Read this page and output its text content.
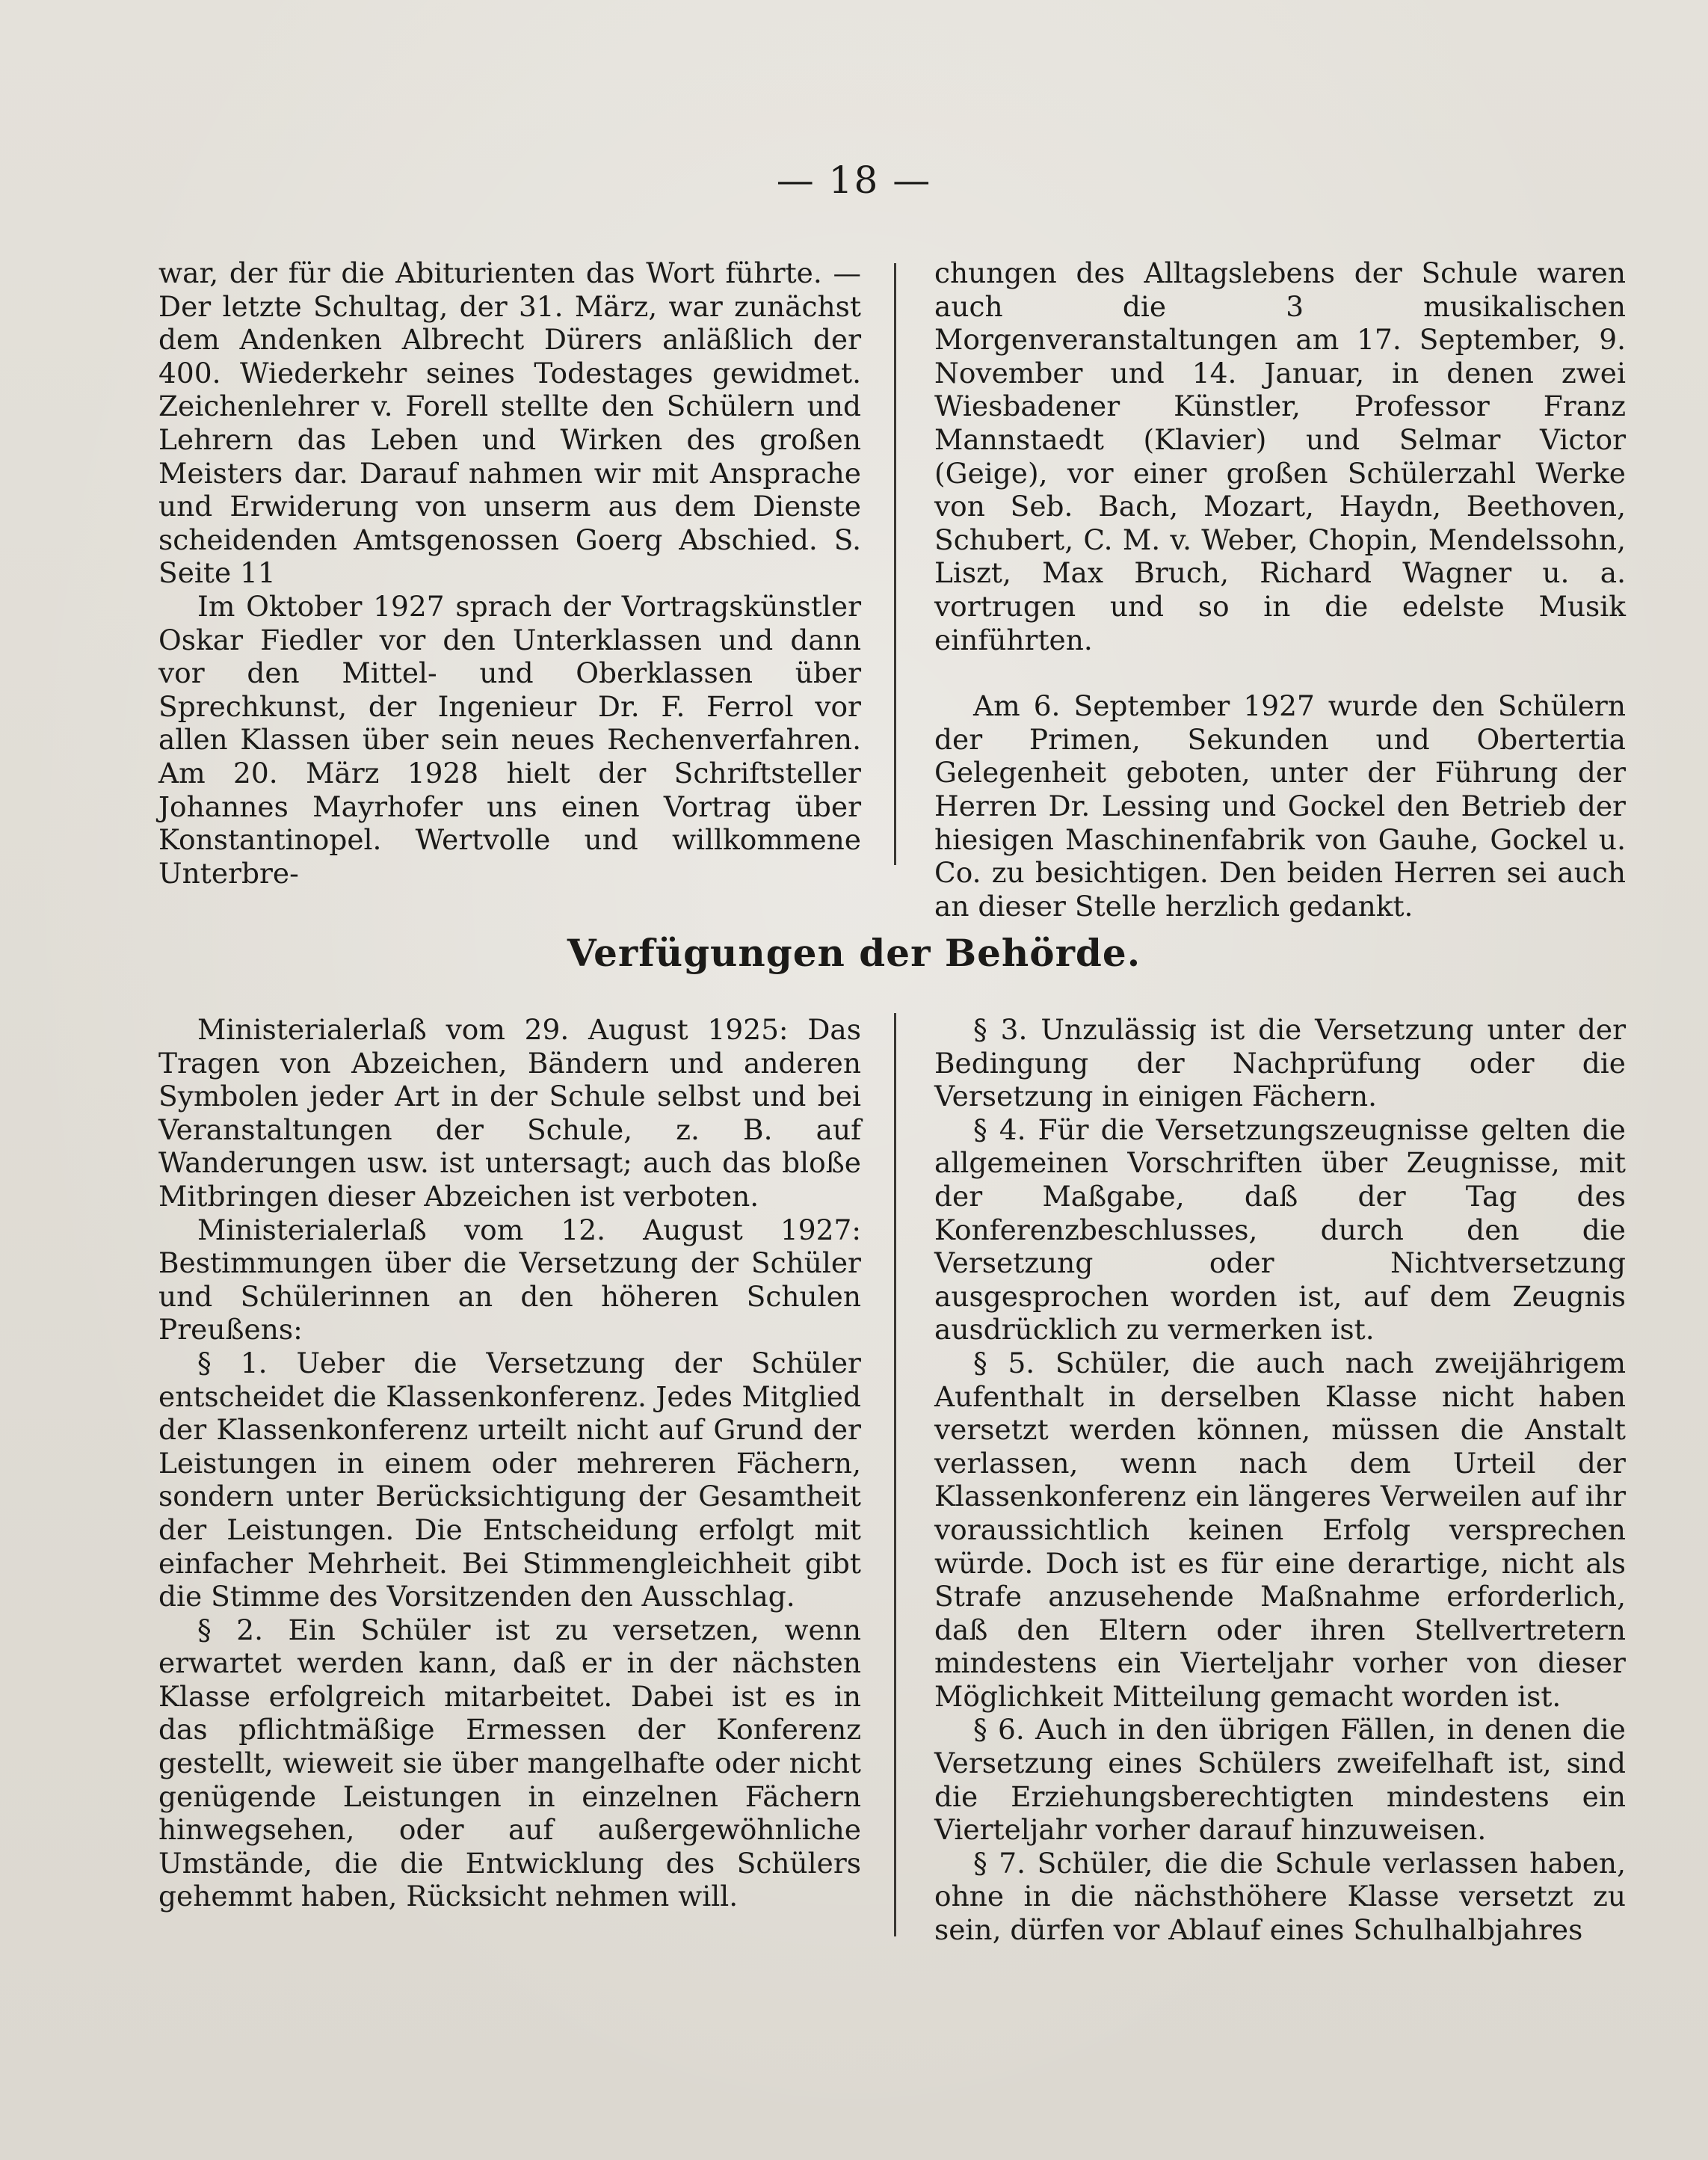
— 18 —

war, der für die Abiturienten das Wort führte. — Der letzte Schultag, der 31. März, war zunächst dem Andenken Albrecht Dürers anläßlich der 400. Wiederkehr seines Todestages gewidmet. Zeichenlehrer v. Forell stellte den Schülern und Lehrern das Leben und Wirken des großen Meisters dar. Darauf nahmen wir mit Ansprache und Erwiderung von unserm aus dem Dienste scheidenden Amtsgenossen Goerg Abschied. S. Seite 11

Im Oktober 1927 sprach der Vortragskünstler Oskar Fiedler vor den Unterklassen und dann vor den Mittel- und Oberklassen über Sprechkunst, der Ingenieur Dr. F. Ferrol vor allen Klassen über sein neues Rechenverfahren. Am 20. März 1928 hielt der Schriftsteller Johannes Mayrhofer uns einen Vortrag über Konstantinopel. Wertvolle und willkommene Unterbre-

chungen des Alltagslebens der Schule waren auch die 3 musikalischen Morgenveranstaltungen am 17. September, 9. November und 14. Januar, in denen zwei Wiesbadener Künstler, Professor Franz Mannstaedt (Klavier) und Selmar Victor (Geige), vor einer großen Schülerzahl Werke von Seb. Bach, Mozart, Haydn, Beethoven, Schubert, C. M. v. Weber, Chopin, Mendelssohn, Liszt, Max Bruch, Richard Wagner u. a. vortrugen und so in die edelste Musik einführten.

Am 6. September 1927 wurde den Schülern der Primen, Sekunden und Obertertia Gelegenheit geboten, unter der Führung der Herren Dr. Lessing und Gockel den Betrieb der hiesigen Maschinenfabrik von Gauhe, Gockel u. Co. zu besichtigen. Den beiden Herren sei auch an dieser Stelle herzlich gedankt.

Verfügungen der Behörde.

Ministerialerlaß vom 29. August 1925: Das Tragen von Abzeichen, Bändern und anderen Symbolen jeder Art in der Schule selbst und bei Veranstaltungen der Schule, z. B. auf Wanderungen usw. ist untersagt; auch das bloße Mitbringen dieser Abzeichen ist verboten.

Ministerialerlaß vom 12. August 1927: Bestimmungen über die Versetzung der Schüler und Schülerinnen an den höheren Schulen Preußens:

§ 1. Ueber die Versetzung der Schüler entscheidet die Klassenkonferenz. Jedes Mitglied der Klassenkonferenz urteilt nicht auf Grund der Leistungen in einem oder mehreren Fächern, sondern unter Berücksichtigung der Gesamtheit der Leistungen. Die Entscheidung erfolgt mit einfacher Mehrheit. Bei Stimmengleichheit gibt die Stimme des Vorsitzenden den Ausschlag.

§ 2. Ein Schüler ist zu versetzen, wenn erwartet werden kann, daß er in der nächsten Klasse erfolgreich mitarbeitet. Dabei ist es in das pflichtmäßige Ermessen der Konferenz gestellt, wieweit sie über mangelhafte oder nicht genügende Leistungen in einzelnen Fächern hinwegsehen, oder auf außergewöhnliche Umstände, die die Entwicklung des Schülers gehemmt haben, Rücksicht nehmen will.

§ 3. Unzulässig ist die Versetzung unter der Bedingung der Nachprüfung oder die Versetzung in einigen Fächern.

§ 4. Für die Versetzungszeugnisse gelten die allgemeinen Vorschriften über Zeugnisse, mit der Maßgabe, daß der Tag des Konferenzbeschlusses, durch den die Versetzung oder Nichtversetzung ausgesprochen worden ist, auf dem Zeugnis ausdrücklich zu vermerken ist.

§ 5. Schüler, die auch nach zweijährigem Aufenthalt in derselben Klasse nicht haben versetzt werden können, müssen die Anstalt verlassen, wenn nach dem Urteil der Klassenkonferenz ein längeres Verweilen auf ihr voraussichtlich keinen Erfolg versprechen würde. Doch ist es für eine derartige, nicht als Strafe anzusehende Maßnahme erforderlich, daß den Eltern oder ihren Stellvertretern mindestens ein Vierteljahr vorher von dieser Möglichkeit Mitteilung gemacht worden ist.

§ 6. Auch in den übrigen Fällen, in denen die Versetzung eines Schülers zweifelhaft ist, sind die Erziehungsberechtigten mindestens ein Vierteljahr vorher darauf hinzuweisen.

§ 7. Schüler, die die Schule verlassen haben, ohne in die nächsthöhere Klasse versetzt zu sein, dürfen vor Ablauf eines Schulhalbjahres
